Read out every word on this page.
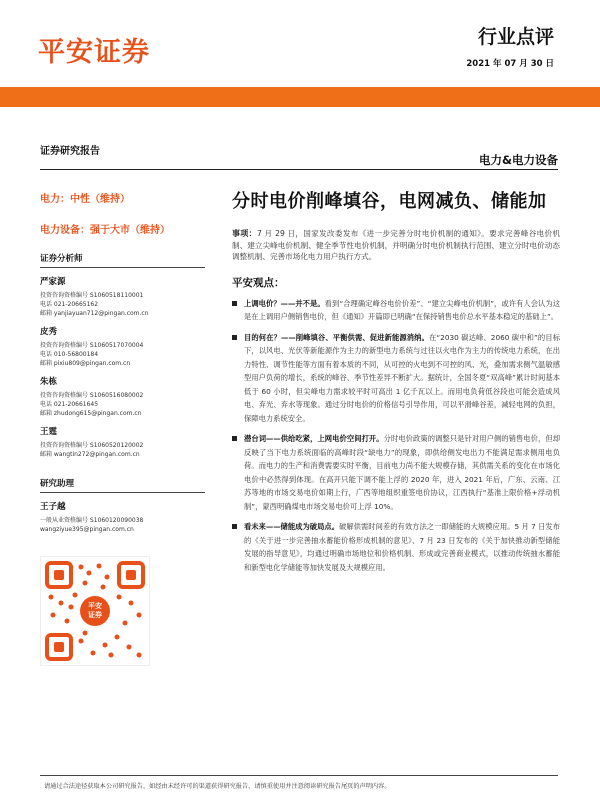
平安证券	行业点评
2021 年 07 月 30 日
证券研究报告
电力&电力设备
电力：中性（维持）
电力设备：强于大市（维持）
证券分析师
严家源
投资咨询资格编号 S1060518110001
电话 021-20665162
邮箱 yanjiayuan712@pingan.com.cn
皮秀
投资咨询资格编号 S1060517070004
电话 010-56800184
邮箱 pixiu809@pingan.com.cn
朱栋
投资咨询资格编号 S1060516080002
电话 021-20661645
邮箱 zhudong615@pingan.com.cn
王霆
投资咨询资格编号 S1060520120002
邮箱 wangtin272@pingan.com.cn
研究助理
王子越
一般从业资格编号 S1060120090038
wangziyue395@pingan.com.cn
平安
证券
分时电价削峰填谷，电网减负、储能加
事项：7 月 29 日，国家发改委发布《进一步完善分时电价机制的通知》。要求完善峰谷电价机制、建立尖峰电价机制、健全季节性电价机制，并明确分时电价机制执行范围、建立分时电价动态调整机制、完善市场化电力用户执行方式。
平安观点：
上调电价？——并不是。看到“合理确定峰谷电价价差”、“建立尖峰电价机制”，或许有人会认为这是在上调用户侧销售电价，但《通知》开篇即已明确“在保持销售电价总水平基本稳定的基础上”。
目的何在？——削峰填谷、平衡供需、促进新能源消纳。在“2030 碳达峰、2060 碳中和”的目标下，以风电、光伏等新能源作为主力的新型电力系统与过往以火电作为主力的传统电力系统，在出力特性、调节性能等方面有着本质的不同，从可控的火电到不可控的风、光，叠加需求侧气温敏感型用户负荷的增长，系统的峰谷、季节性差异不断扩大。据统计，全国冬夏“双高峰”累计时间基本低于 60 小时，但尖峰电力需求较平时可高出 1 亿千瓦以上。而用电负荷低谷段也可能会造成风电、弃光、弃水等现象。通过分时电价的价格信号引导作用，可以平滑峰谷差，减轻电网的负担，保障电力系统安全。
潜台词——供给吃紧，上网电价空间打开。分时电价政策的调整只是针对用户侧的销售电价，但却反映了当下电力系统面临的高峰时段“缺电力”的现象，即供给侧发电出力不能满足需求侧用电负荷。而电力的生产和消费需要实时平衡，目前电力尚不能大规模存储，其供需关系的变化在市场化电价中必然得到体现。在高开只能下调不能上浮的 2020 年，进入 2021 年后，广东、云南、江苏等地的市场交易电价如期上行，广西等地组织重签电价协议，江西执行“基准上限价格+浮动机制”，蒙西明确煤电市场交易电价可上浮 10%。
看未来——储能成为破局点。破解供需时间差的有效方法之一即储能的大规模应用。5 月 7 日发布的《关于进一步完善抽水蓄能价格形成机制的意见》、7 月 23 日发布的《关于加快推动新型储能发展的指导意见》，均通过明确市场地位和价格机制、形成或完善商业模式，以推动传统抽水蓄能和新型电化学储能等加快发展及大规模应用。
请通过合法途径获取本公司研究报告，如经由未经许可的渠道获得研究报告，请慎重使用并注意阅读研究报告尾页的声明内容。
